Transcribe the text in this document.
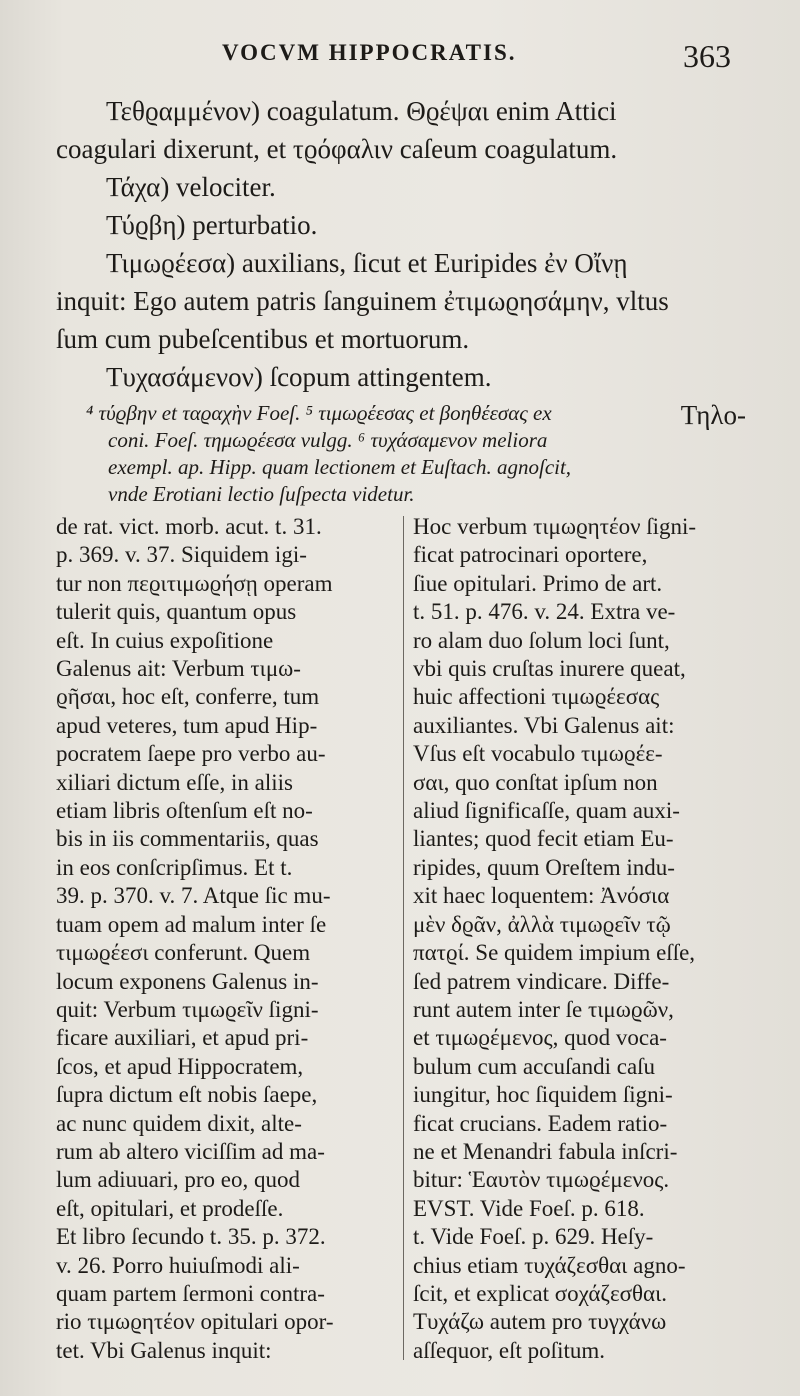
VOCVM HIPPOCRATIS.	363
Τεθϱαμμένον) coagulatum. Θϱέψαι enim Attici
coagulari dixerunt, et τϱόφαλιν caſeum coagulatum.
Τάχα) velociter.
Τύϱβη) perturbatio.
Τιμωϱέεσα) auxilians, ſicut et Euripides ἐν Οἴνῃ
inquit: Ego autem patris ſanguinem ἐτιμωϱησάμην, vltus
ſum cum pubeſcentibus et mortuorum.
Τυχασάμενον) ſcopum attingentem.
Τηλο-
⁴ τύϱβην et ταϱαχὴν Foeſ. ⁵ τιμωϱέεσας et βοηθέεσας ex
coni. Foeſ. τημωϱέεσα vulgg. ⁶ τυχάσαμενον meliora
exempl. ap. Hipp. quam lectionem et Euſtach. agnoſcit,
vnde Erotiani lectio ſuſpecta videtur.
de rat. vict. morb. acut. t. 31.
p. 369. v. 37. Siquidem igi-
tur non πεϱιτιμωϱήσῃ operam
tulerit quis, quantum opus
eſt. In cuius expoſitione
Galenus ait: Verbum τιμω-
ϱῆσαι, hoc eſt, conferre, tum
apud veteres, tum apud Hip-
pocratem ſaepe pro verbo au-
xiliari dictum eſſe, in aliis
etiam libris oſtenſum eſt no-
bis in iis commentariis, quas
in eos conſcripſimus. Et t.
39. p. 370. v. 7. Atque ſic mu-
tuam opem ad malum inter ſe
τιμωϱέεσι conferunt. Quem
locum exponens Galenus in-
quit: Verbum τιμωϱεῖν ſigni-
ficare auxiliari, et apud pri-
ſcos, et apud Hippocratem,
ſupra dictum eſt nobis ſaepe,
ac nunc quidem dixit, alte-
rum ab altero viciſſim ad ma-
lum adiuuari, pro eo, quod
eſt, opitulari, et prodeſſe.
Et libro ſecundo t. 35. p. 372.
v. 26. Porro huiuſmodi ali-
quam partem ſermoni contra-
rio τιμωϱητέον opitulari opor-
tet. Vbi Galenus inquit:
Hoc verbum τιμωϱητέον ſigni-
ficat patrocinari oportere,
ſiue opitulari. Primo de art.
t. 51. p. 476. v. 24. Extra ve-
ro alam duo ſolum loci ſunt,
vbi quis cruſtas inurere queat,
huic affectioni τιμωϱέεσας
auxiliantes. Vbi Galenus ait:
Vſus eſt vocabulo τιμωϱέε-
σαι, quo conſtat ipſum non
aliud ſignificaſſe, quam auxi-
liantes; quod fecit etiam Eu-
ripides, quum Oreſtem indu-
xit haec loquentem: Ἀνόσια
μὲν δϱᾶν, ἀλλὰ τιμωϱεῖν τῷ
πατϱί. Se quidem impium eſſe,
ſed patrem vindicare. Diffe-
runt autem inter ſe τιμωϱῶν,
et τιμωϱέμενος, quod voca-
bulum cum accuſandi caſu
iungitur, hoc ſiquidem ſigni-
ficat crucians. Eadem ratio-
ne et Menandri fabula inſcri-
bitur: Ἑαυτὸν τιμωϱέμενος.
EVST. Vide Foeſ. p. 618.
t. Vide Foeſ. p. 629. Heſy-
chius etiam τυχάζεσθαι agno-
ſcit, et explicat σοχάζεσθαι.
Τυχάζω autem pro τυγχάνω
aſſequor, eſt poſitum.
